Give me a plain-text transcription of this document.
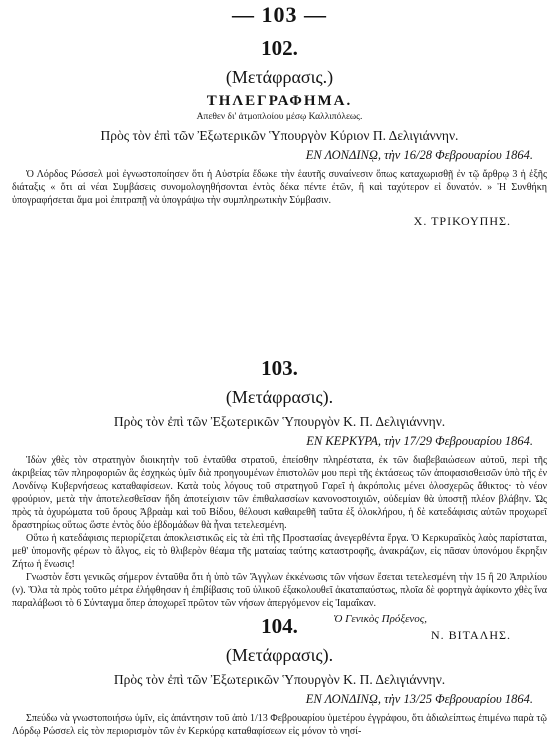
— 103 —
102.
(Μετάφρασις.)
ΤΗΛΕΓΡΑΦΗΜΑ.
Απεθεν δι' ἀτμοπλοίου μέσῳ Καλλιπόλεως.
Πρὸς τὸν ἐπὶ τῶν Ἐξωτερικῶν Ὑπουργὸν Κύριον Π. Δελιγιάννην.
ΕΝ ΛΟΝΔΙΝῼ, τὴν 16/28 Φεβρουαρίου 1864.

Ὁ Λόρδος Ρώσσελ μοὶ ἐγνωστοποίησεν ὅτι ἡ Αὐστρία ἔδωκε τὴν ἑαυτῆς συναίνεσιν ὅπως καταχωρισθῇ ἐν τῷ ἄρθρῳ 3 ἡ ἑξῆς διάταξις « ὅτι αἱ νέαι Συμβάσεις συνομολογηθήσονται ἐντὸς δέκα πέντε ἐτῶν, ἢ καὶ ταχύτερον εἰ δυνατόν. » Ἡ Συνθήκη ὑπογραφήσεται ἅμα μοὶ ἐπιτραπῇ νὰ ὑπογράψω τὴν συμπληρωτικὴν Σύμβασιν.

Χ. ΤΡΙΚΟΥΠΗΣ.
103.
(Μετάφρασις).
Πρὸς τὸν ἐπὶ τῶν Ἐξωτερικῶν Ὑπουργὸν Κ. Π. Δελιγιάννην.
ΕΝ ΚΕΡΚΥΡΑ, τὴν 17/29 Φεβρουαρίου 1864.

Ἰδὼν χθὲς τὸν στρατηγὸν διοικητὴν τοῦ ἐνταῦθα στρατοῦ, ἐπείσθην πληρέστατα, ἐκ τῶν διαβεβαιώσεων αὐτοῦ, περὶ τῆς ἀκριβείας τῶν πληροφοριῶν ἃς ἐσχηκώς ὑμῖν διὰ προηγουμένων ἐπιστολῶν μου περὶ τῆς ἐκτάσεως τῶν ἀποφασισθεισῶν ὑπὸ τῆς ἐν Λονδίνῳ Κυβερνήσεως καταθαφίσεων. Κατὰ τοὺς λόγους τοῦ στρατηγοῦ Γαρεῖ ἡ ἀκρόπολις μένει ὁλοσχερῶς ἄθικτος· τὸ νέον φρούριον, μετὰ τὴν ἀποτελεσθεῖσαν ἤδη ἀποτείχισιν τῶν ἐπιθαλασσίων κανονοστοιχιῶν, οὐδεμίαν θὰ ὑποστῇ πλέον βλάβην. Ὡς πρὸς τὰ ὀχυρώματα τοῦ ὄρους Ἀβραὰμ καὶ τοῦ Βίδου, θέλουσι καθαιρεθῆ ταῦτα ἐξ ὁλοκλήρου, ἡ δὲ κατεδάφισις αὐτῶν προχωρεῖ δραστηρίως οὕτως ὥστε ἐντὸς δύο ἑβδομάδων θὰ ἦναι τετελεσμένη.

Οὕτω ἡ κατεδάφισις περιορίζεται ἀποκλειστικῶς εἰς τὰ ἐπὶ τῆς Προστασίας ἀνεγερθέντα ἔργα. Ὁ Κερκυραϊκὸς λαὸς παρίσταται, μεθ' ὑπομονῆς φέρων τὸ ἄλγος, εἰς τὸ θλιβερὸν θέαμα τῆς ματαίας ταύτης καταστροφῆς, ἀνακράζων, εἰς πᾶσαν ὑπονόμου ἔκρηξιν Ζήτω ἡ ἕνωσις!

Γνωστὸν ἔστι γενικῶς σήμερον ἐνταῦθα ὅτι ἡ ὑπὸ τῶν Ἄγγλων ἐκκένωσις τῶν νήσων ἔσεται τετελεσμένη τὴν 15 ἢ 20 Ἀπριλίου (ν). Ὅλα τὰ πρὸς τοῦτο μέτρα ἐλήφθησαν ἡ ἐπιβίβασις τοῦ ὑλικοῦ ἐξακολουθεῖ ἀκαταπαύστως, πλοῖα δὲ φορτηγὰ ἀφίκοντο χθὲς ἵνα παραλάβωσι τὸ 6 Σύνταγμα ὅπερ ἀποχωρεῖ πρῶτον τῶν νήσων ἀπεργόμενον εἰς Ἰαμαΐκαν.

Ὁ Γενικὸς Πρόξενος,
Ν. ΒΙΤΑΛΗΣ.
104.
(Μετάφρασις).
Πρὸς τὸν ἐπὶ τῶν Ἐξωτερικῶν Ὑπουργὸν Κ. Π. Δελιγιάννην.
ΕΝ ΛΟΝΔΙΝῼ, τὴν 13/25 Φεβρουαρίου 1864.

Σπεύδω νὰ γνωστοποιήσω ὑμῖν, εἰς ἀπάντησιν τοῦ ἀπὸ 1/13 Φεβρουαρίου ὑμετέρου ἐγγράφου, ὅτι ἀδιαλείπτως ἐπιμένω παρὰ τῷ Λόρδῳ Ρώσσελ εἰς τὸν περιορισμὸν τῶν ἐν Κερκύρᾳ καταθαφίσεων εἰς μόνον τὸ νησί-
